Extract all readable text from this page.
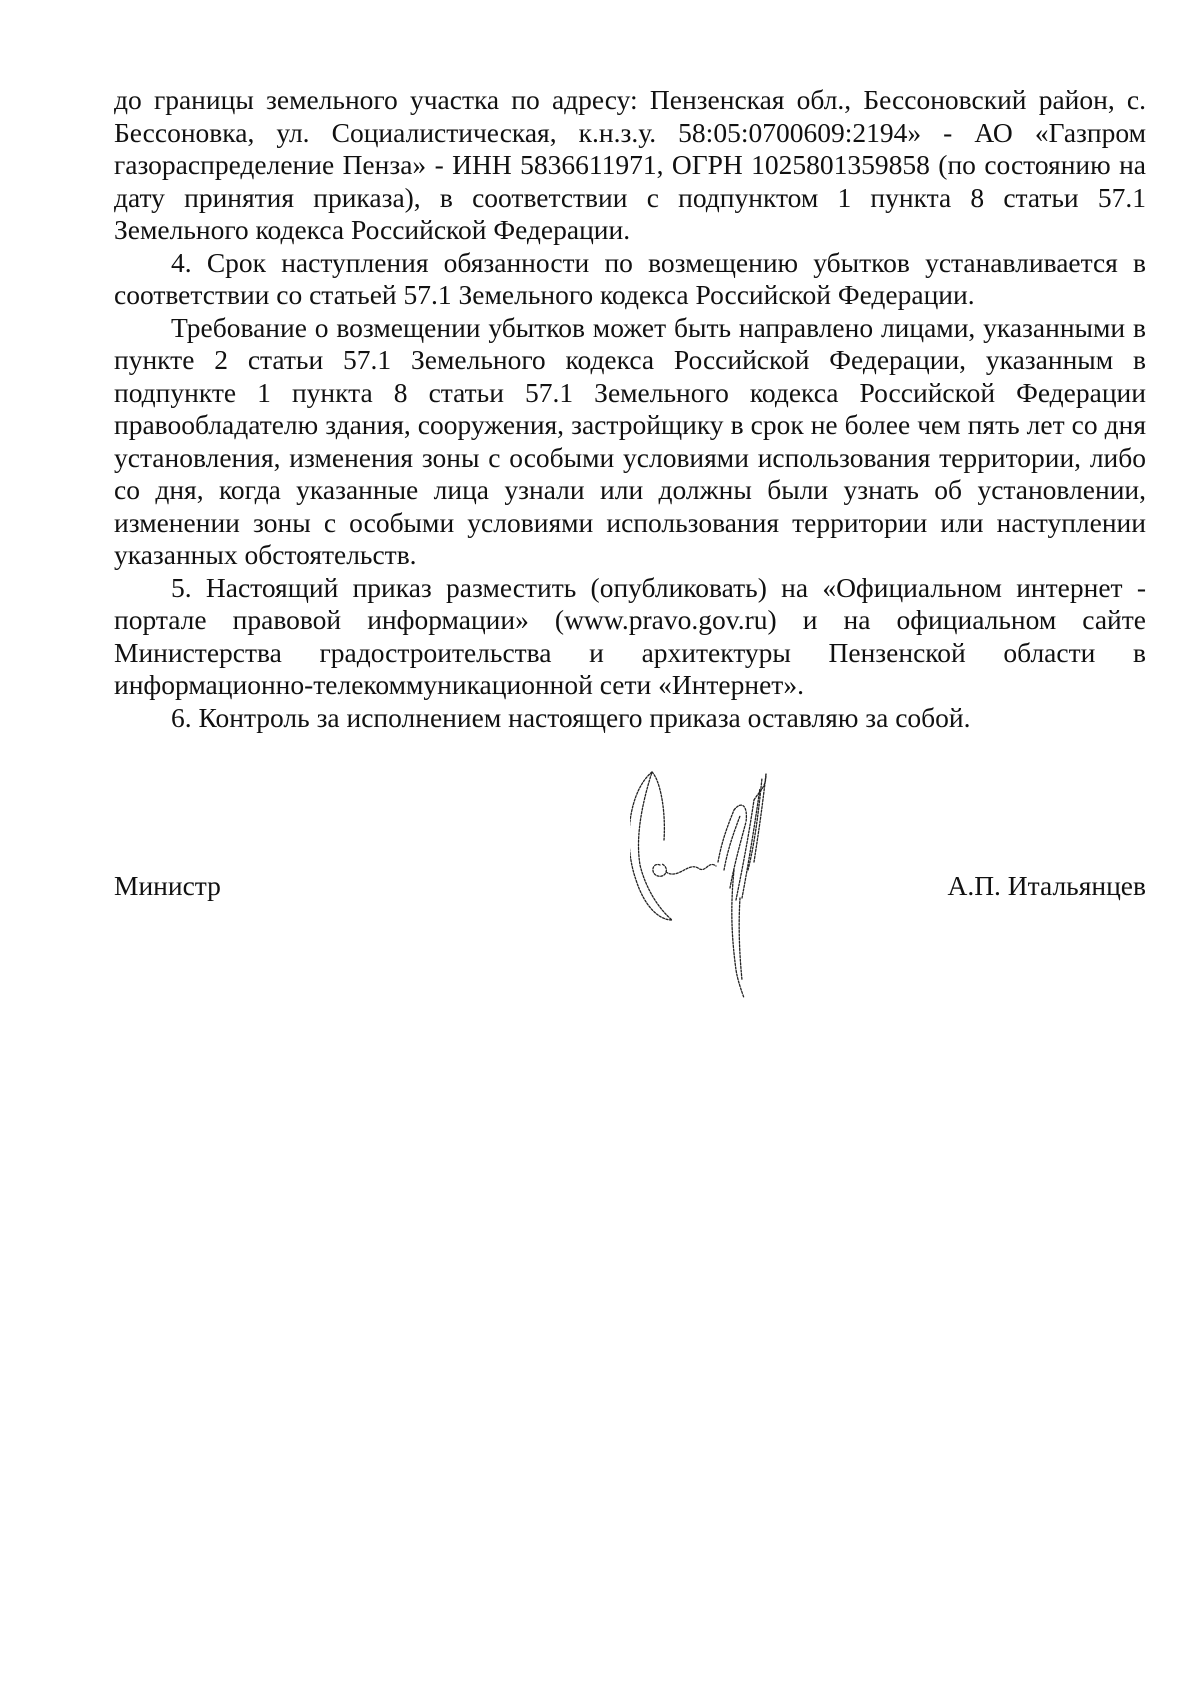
до границы земельного участка по адресу: Пензенская обл., Бессоновский район, с. Бессоновка, ул. Социалистическая, к.н.з.у. 58:05:0700609:2194» - АО «Газпром газораспределение Пенза» - ИНН 5836611971, ОГРН 1025801359858 (по состоянию на дату принятия приказа), в соответствии с подпунктом 1 пункта 8 статьи 57.1 Земельного кодекса Российской Федерации.

4. Срок наступления обязанности по возмещению убытков устанавливается в соответствии со статьей 57.1 Земельного кодекса Российской Федерации.

Требование о возмещении убытков может быть направлено лицами, указанными в пункте 2 статьи 57.1 Земельного кодекса Российской Федерации, указанным в подпункте 1 пункта 8 статьи 57.1 Земельного кодекса Российской Федерации правообладателю здания, сооружения, застройщику в срок не более чем пять лет со дня установления, изменения зоны с особыми условиями использования территории, либо со дня, когда указанные лица узнали или должны были узнать об установлении, изменении зоны с особыми условиями использования территории или наступлении указанных обстоятельств.

5. Настоящий приказ разместить (опубликовать) на «Официальном интернет - портале правовой информации» (www.pravo.gov.ru) и на официальном сайте Министерства градостроительства и архитектуры Пензенской области в информационно-телекоммуникационной сети «Интернет».

6. Контроль за исполнением настоящего приказа оставляю за собой.

Министр	А.П. Итальянцев
